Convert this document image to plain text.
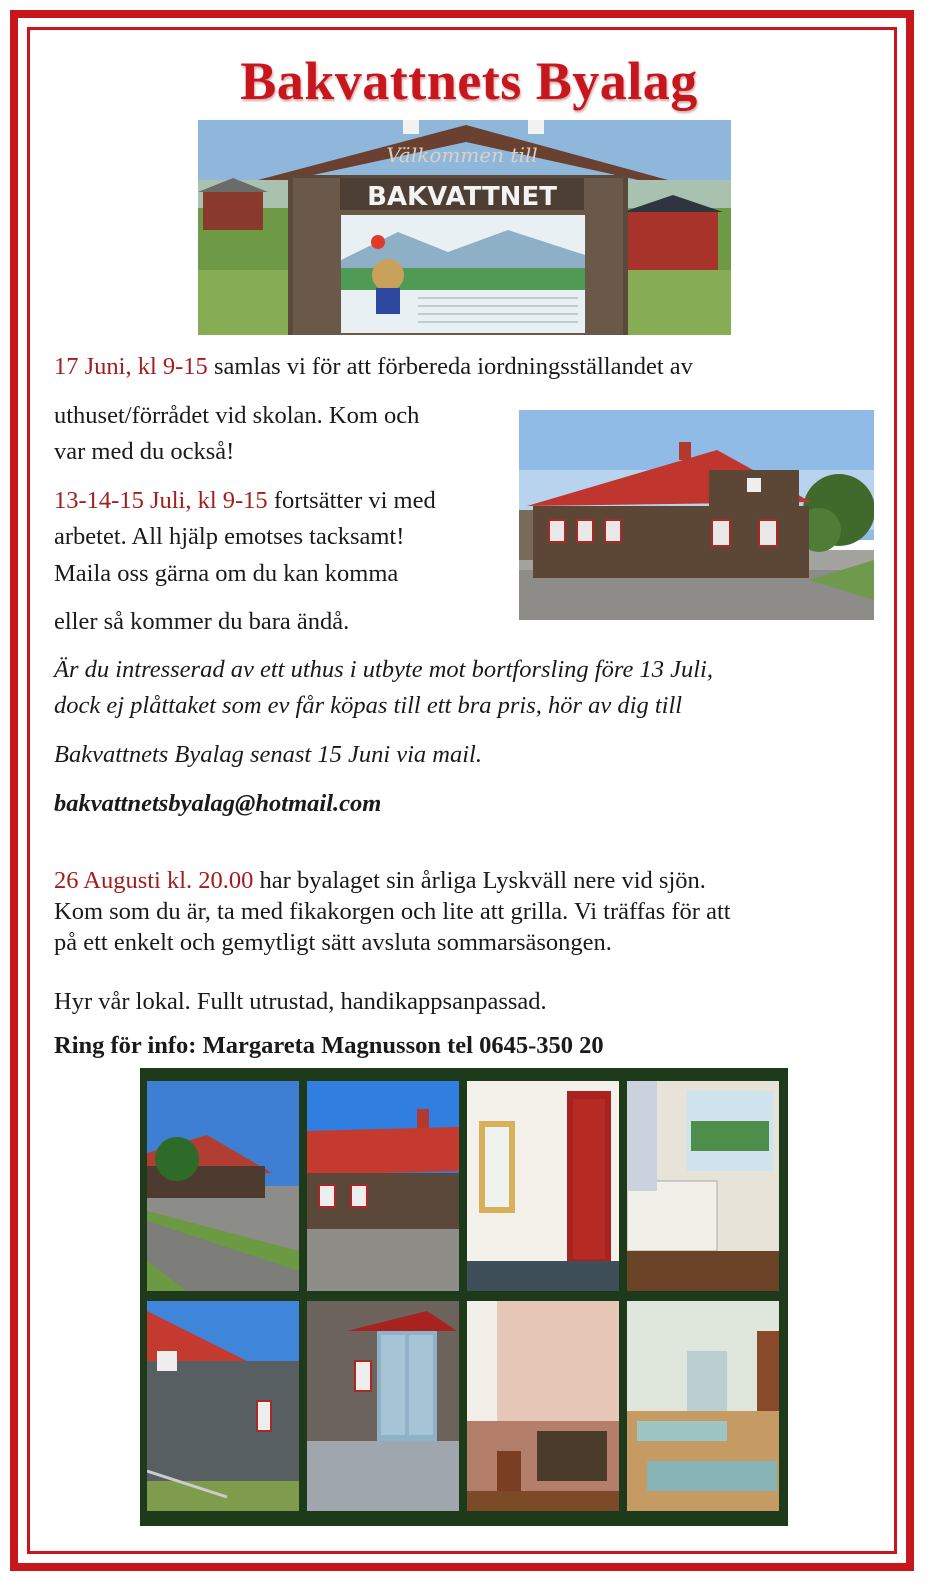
Bakvattnets Byalag
Välkommen till
BAKVATTNET
17 Juni, kl 9-15 samlas vi för att förbereda iordningsställandet av
uthuset/förrådet vid skolan. Kom och
var med du också!
13-14-15 Juli, kl 9-15 fortsätter vi med
arbetet. All hjälp emotses tacksamt!
Maila oss gärna om du kan komma
eller så kommer du bara ändå.
Är du intresserad av ett uthus i utbyte mot bortforsling före 13 Juli,
dock ej plåttaket som ev får köpas till ett bra pris, hör av dig till
Bakvattnets Byalag senast 15 Juni via mail.
bakvattnetsbyalag@hotmail.com
26 Augusti kl. 20.00 har byalaget sin årliga Lyskväll nere vid sjön.
Kom som du är, ta med fikakorgen och lite att grilla. Vi träffas för att
på ett enkelt och gemytligt sätt avsluta sommarsäsongen.
Hyr vår lokal. Fullt utrustad, handikappsanpassad.
Ring för info: Margareta Magnusson tel 0645-350 20
